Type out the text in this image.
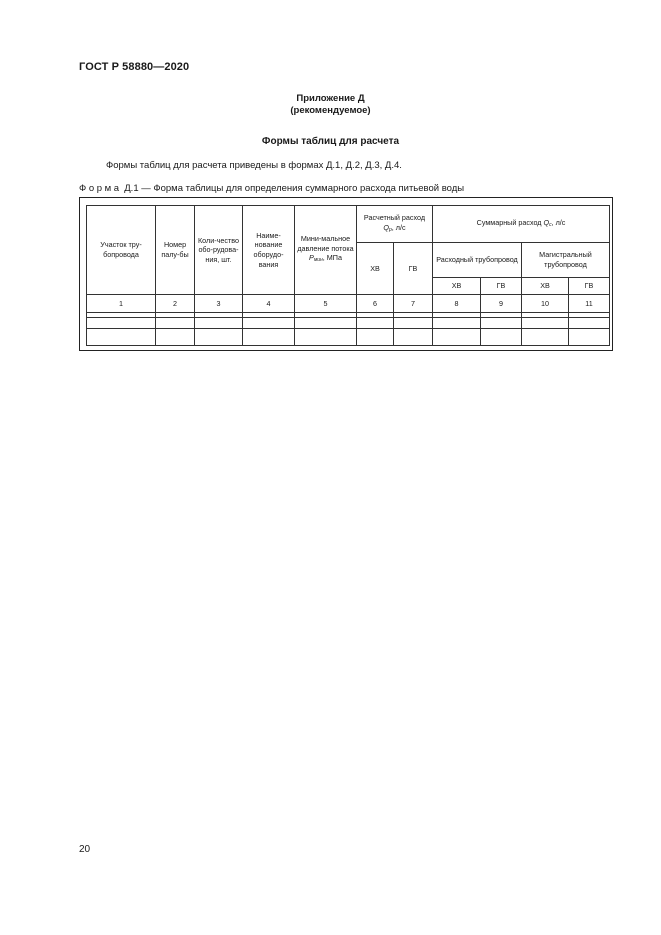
ГОСТ Р 58880—2020
Приложение Д
(рекомендуемое)
Формы таблиц для расчета
Формы таблиц для расчета приведены в формах Д.1, Д.2, Д.3, Д.4.
Форма Д.1 — Форма таблицы для определения суммарного расхода питьевой воды
Участок тру-бопровода	Номер палу-бы	Коли-чество обо-рудова-ния, шт.	Наиме-нование оборудо-вания	Мини-мальное давление потока $P_{мин}$, МПа	Расчетный расход $Q_р$, л/с		Суммарный расход $Q_с$, л/с			
					ХВ	ГВ	Расходный трубопровод		Магистральный трубопровод	
							ХВ	ГВ	ХВ	ГВ
1	2	3	4	5	6	7	8	9	10	11

20
